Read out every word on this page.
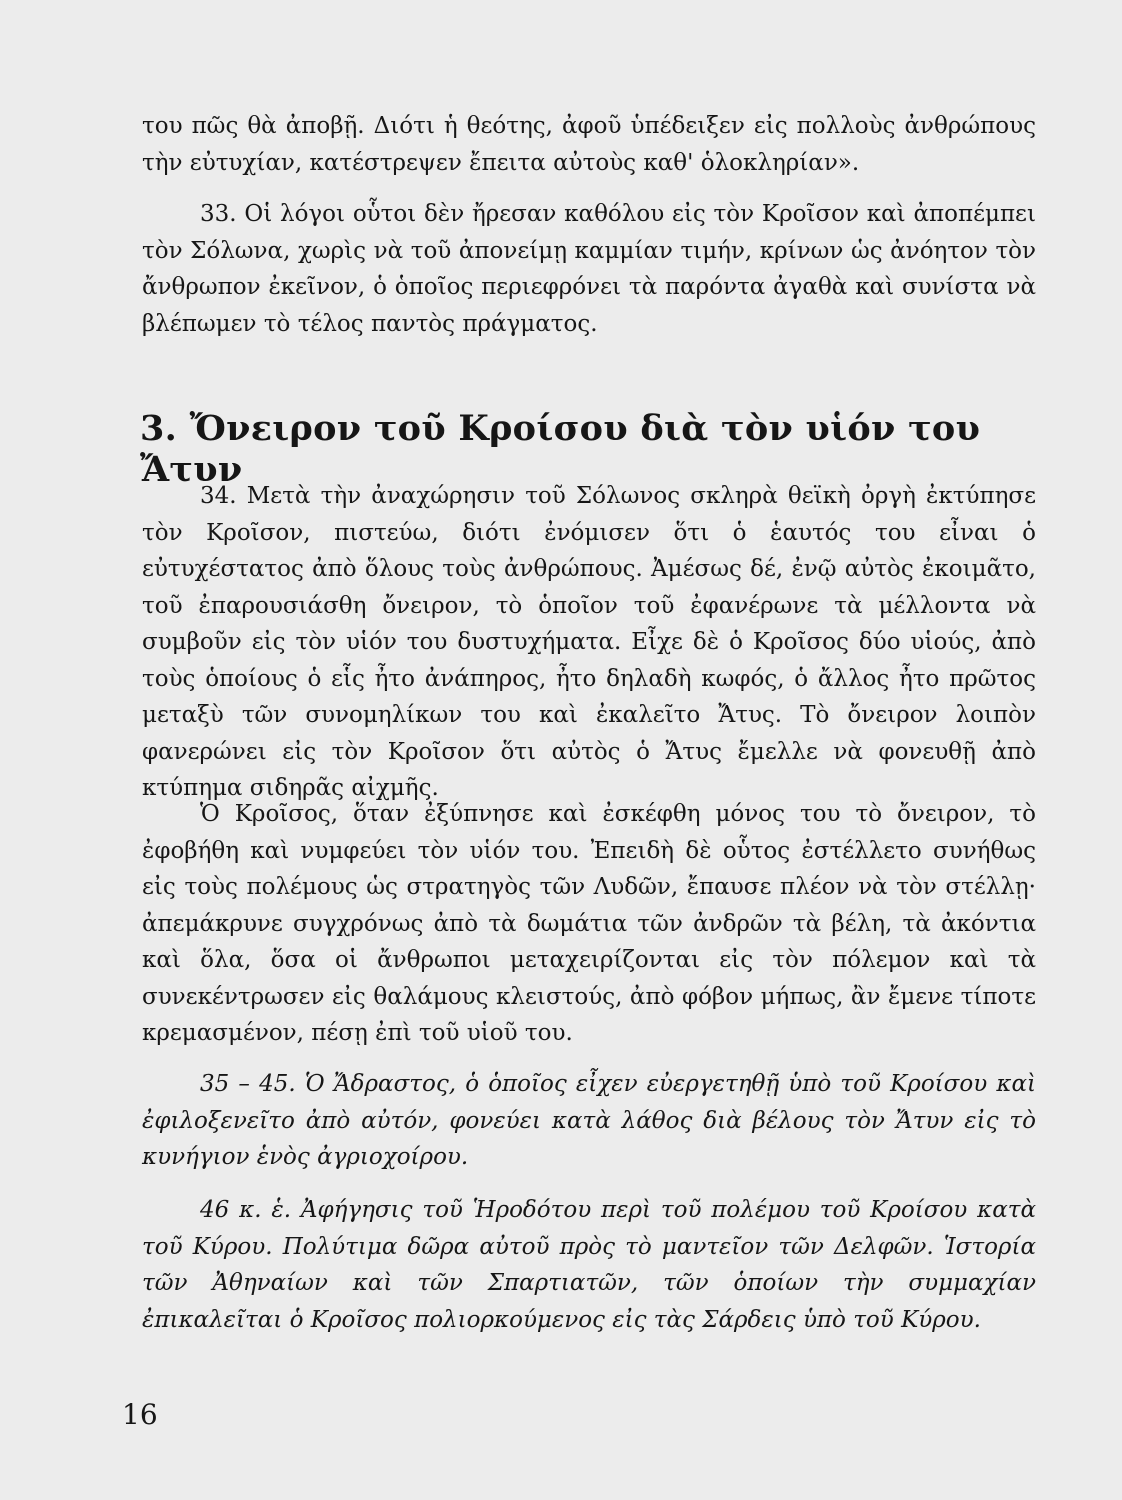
του πῶς θὰ ἀποβῇ. Διότι ἡ θεότης, ἀφοῦ ὑπέδειξεν εἰς πολλοὺς ἀνθρώπους τὴν εὐτυχίαν, κατέστρεψεν ἔπειτα αὐτοὺς καθ' ὁλοκληρίαν».

33. Οἱ λόγοι οὗτοι δὲν ἤρεσαν καθόλου εἰς τὸν Κροῖσον καὶ ἀποπέμπει τὸν Σόλωνα, χωρὶς νὰ τοῦ ἀπονείμῃ καμμίαν τιμήν, κρίνων ὡς ἀνόητον τὸν ἄνθρωπον ἐκεῖνον, ὁ ὁποῖος περιεφρόνει τὰ παρόντα ἀγαθὰ καὶ συνίστα νὰ βλέπωμεν τὸ τέλος παντὸς πράγματος.

3. Ὄνειρον τοῦ Κροίσου διὰ τὸν υἱόν του Ἄτυν

34. Μετὰ τὴν ἀναχώρησιν τοῦ Σόλωνος σκληρὰ θεϊκὴ ὀργὴ ἐκτύπησε τὸν Κροῖσον, πιστεύω, διότι ἐνόμισεν ὅτι ὁ ἑαυτός του εἶναι ὁ εὐτυχέστατος ἀπὸ ὅλους τοὺς ἀνθρώπους. Ἀμέσως δέ, ἐνῷ αὐτὸς ἐκοιμᾶτο, τοῦ ἐπαρουσιάσθη ὄνειρον, τὸ ὁποῖον τοῦ ἐφανέρωνε τὰ μέλλοντα νὰ συμβοῦν εἰς τὸν υἱόν του δυστυχήματα. Εἶχε δὲ ὁ Κροῖσος δύο υἱούς, ἀπὸ τοὺς ὁποίους ὁ εἷς ἦτο ἀνάπηρος, ἦτο δηλαδὴ κωφός, ὁ ἄλλος ἦτο πρῶτος μεταξὺ τῶν συνομηλίκων του καὶ ἐκαλεῖτο Ἄτυς. Τὸ ὄνειρον λοιπὸν φανερώνει εἰς τὸν Κροῖσον ὅτι αὐτὸς ὁ Ἄτυς ἔμελλε νὰ φονευθῇ ἀπὸ κτύπημα σιδηρᾶς αἰχμῆς.

Ὁ Κροῖσος, ὅταν ἐξύπνησε καὶ ἐσκέφθη μόνος του τὸ ὄνειρον, τὸ ἐφοβήθη καὶ νυμφεύει τὸν υἱόν του. Ἐπειδὴ δὲ οὗτος ἐστέλλετο συνήθως εἰς τοὺς πολέμους ὡς στρατηγὸς τῶν Λυδῶν, ἔπαυσε πλέον νὰ τὸν στέλλῃ· ἀπεμάκρυνε συγχρόνως ἀπὸ τὰ δωμάτια τῶν ἀνδρῶν τὰ βέλη, τὰ ἀκόντια καὶ ὅλα, ὅσα οἱ ἄνθρωποι μεταχειρίζονται εἰς τὸν πόλεμον καὶ τὰ συνεκέντρωσεν εἰς θαλάμους κλειστούς, ἀπὸ φόβον μήπως, ἂν ἔμενε τίποτε κρεμασμένον, πέσῃ ἐπὶ τοῦ υἱοῦ του.

35 – 45. Ὁ Ἄδραστος, ὁ ὁποῖος εἶχεν εὐεργετηθῇ ὑπὸ τοῦ Κροίσου καὶ ἐφιλοξενεῖτο ἀπὸ αὐτόν, φονεύει κατὰ λάθος διὰ βέλους τὸν Ἄτυν εἰς τὸ κυνήγιον ἑνὸς ἀγριοχοίρου.

46 κ. ἑ. Ἀφήγησις τοῦ Ἡροδότου περὶ τοῦ πολέμου τοῦ Κροίσου κατὰ τοῦ Κύρου. Πολύτιμα δῶρα αὐτοῦ πρὸς τὸ μαντεῖον τῶν Δελφῶν. Ἱστορία τῶν Ἀθηναίων καὶ τῶν Σπαρτιατῶν, τῶν ὁποίων τὴν συμμαχίαν ἐπικαλεῖται ὁ Κροῖσος πολιορκούμενος εἰς τὰς Σάρδεις ὑπὸ τοῦ Κύρου.

16
